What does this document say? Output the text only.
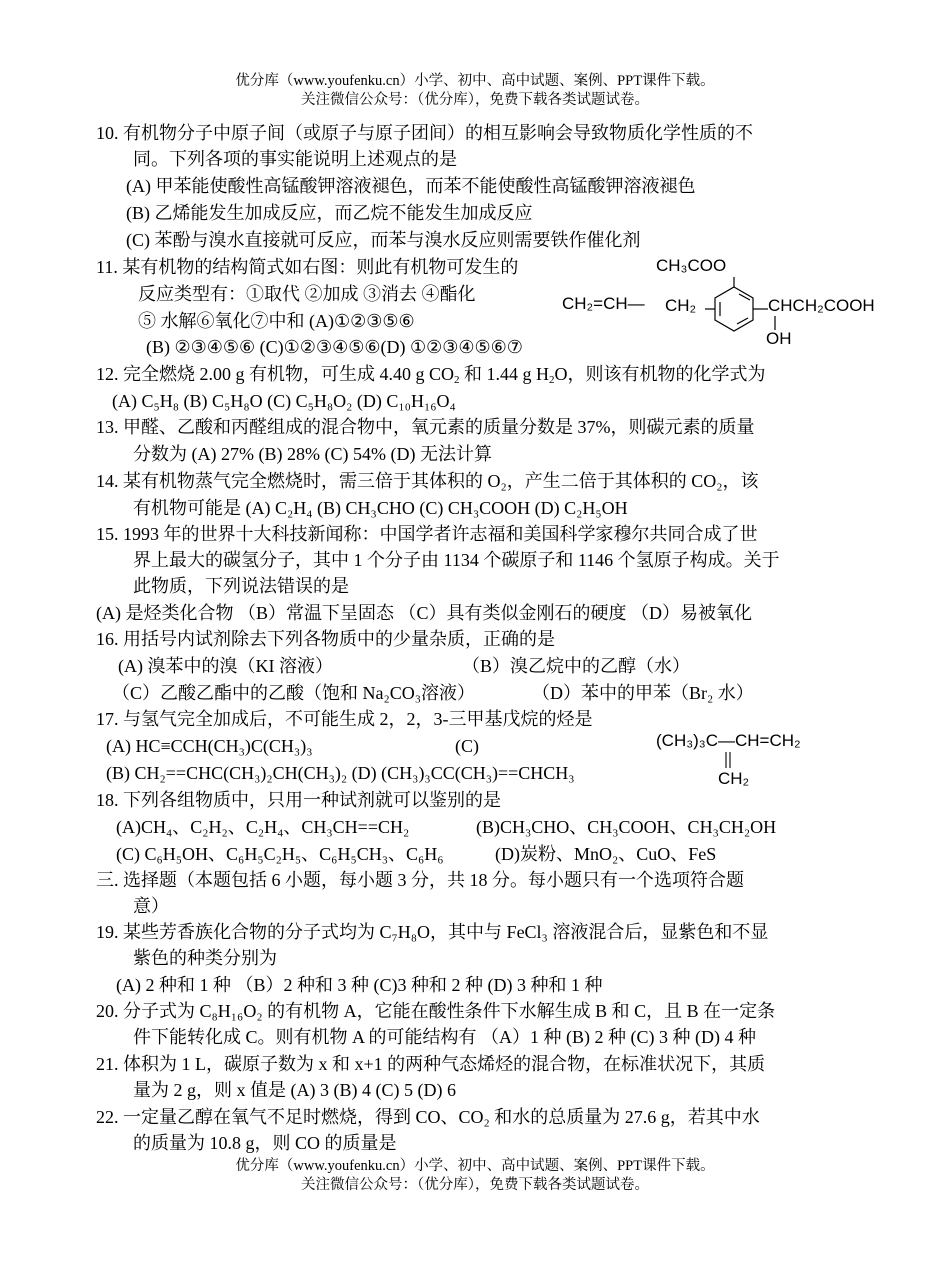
优分库（www.youfenku.cn）小学、初中、高中试题、案例、PPT课件下载。
关注微信公众号：（优分库），免费下载各类试题试卷。
10. 有机物分子中原子间（或原子与原子团间）的相互影响会导致物质化学性质的不
同。下列各项的事实能说明上述观点的是
(A) 甲苯能使酸性高锰酸钾溶液褪色，而苯不能使酸性高锰酸钾溶液褪色
(B) 乙烯能发生加成反应，而乙烷不能发生加成反应
(C) 苯酚与溴水直接就可反应，而苯与溴水反应则需要铁作催化剂
11. 某有机物的结构简式如右图：则此有机物可发生的
反应类型有：①取代 ②加成 ③消去 ④酯化
⑤ 水解⑥氧化⑦中和 (A)①②③⑤⑥
(B) ②③④⑤⑥ (C)①②③④⑤⑥(D) ①②③④⑤⑥⑦
CH₃COO
CH₂=CH— CH₂	CHCH₂COOH
OH
12. 完全燃烧 2.00 g 有机物，可生成 4.40 g $CO_2$ 和 1.44 g $H_2O$，则该有机物的化学式为
(A) C₅H₈ (B) C₅H₈O (C) C₅H₈O₂ (D) C₁₀H₁₆O₄
13. 甲醛、乙酸和丙醛组成的混合物中，氧元素的质量分数是 37%，则碳元素的质量
分数为 (A) 27% (B) 28% (C) 54% (D) 无法计算
14. 某有机物蒸气完全燃烧时，需三倍于其体积的 O₂，产生二倍于其体积的 CO₂，该
有机物可能是 (A) C₂H₄ (B) CH₃CHO (C) CH₃COOH (D) C₂H₅OH
15. 1993 年的世界十大科技新闻称：中国学者许志福和美国科学家穆尔共同合成了世
界上最大的碳氢分子，其中 1 个分子由 1134 个碳原子和 1146 个氢原子构成。关于
此物质，下列说法错误的是
(A) 是烃类化合物 （B）常温下呈固态 （C）具有类似金刚石的硬度 （D）易被氧化
16. 用括号内试剂除去下列各物质中的少量杂质，正确的是
(A) 溴苯中的溴（KI 溶液）	（B）溴乙烷中的乙醇（水）
（C）乙酸乙酯中的乙酸（饱和 Na₂CO₃溶液）	（D）苯中的甲苯（Br₂ 水）
17. 与氢气完全加成后，不可能生成 2，2，3-三甲基戊烷的烃是
(A) HC≡CCH(CH₃)C(CH₃)₃	(C)	(CH₃)₃C—CH=CH₂
CH₂
(B) CH₂==CHC(CH₃)₂CH(CH₃)₂ (D) (CH₃)₃CC(CH₃)==CHCH₃
18. 下列各组物质中，只用一种试剂就可以鉴别的是
(A)CH₄、C₂H₂、C₂H₄、CH₃CH==CH₂	(B)CH₃CHO、CH₃COOH、CH₃CH₂OH
(C) C₆H₅OH、C₆H₅C₂H₅、C₆H₅CH₃、C₆H₆	(D)炭粉、MnO₂、CuO、FeS
三. 选择题（本题包括 6 小题，每小题 3 分，共 18 分。每小题只有一个选项符合题
意）
19. 某些芳香族化合物的分子式均为 C₇H₈O，其中与 FeCl₃ 溶液混合后，显紫色和不显
紫色的种类分别为
(A) 2 种和 1 种 （B）2 种和 3 种 (C)3 种和 2 种 (D) 3 种和 1 种
20. 分子式为 C₈H₁₆O₂ 的有机物 A，它能在酸性条件下水解生成 B 和 C，且 B 在一定条
件下能转化成 C。则有机物 A 的可能结构有 （A）1 种 (B) 2 种 (C) 3 种 (D) 4 种
21. 体积为 1 L，碳原子数为 x 和 x+1 的两种气态烯烃的混合物，在标准状况下，其质
量为 2 g，则 x 值是 (A) 3 (B) 4 (C) 5 (D) 6
22. 一定量乙醇在氧气不足时燃烧，得到 CO、CO₂ 和水的总质量为 27.6 g，若其中水
的质量为 10.8 g，则 CO 的质量是
优分库（www.youfenku.cn）小学、初中、高中试题、案例、PPT课件下载。
关注微信公众号：（优分库），免费下载各类试题试卷。
